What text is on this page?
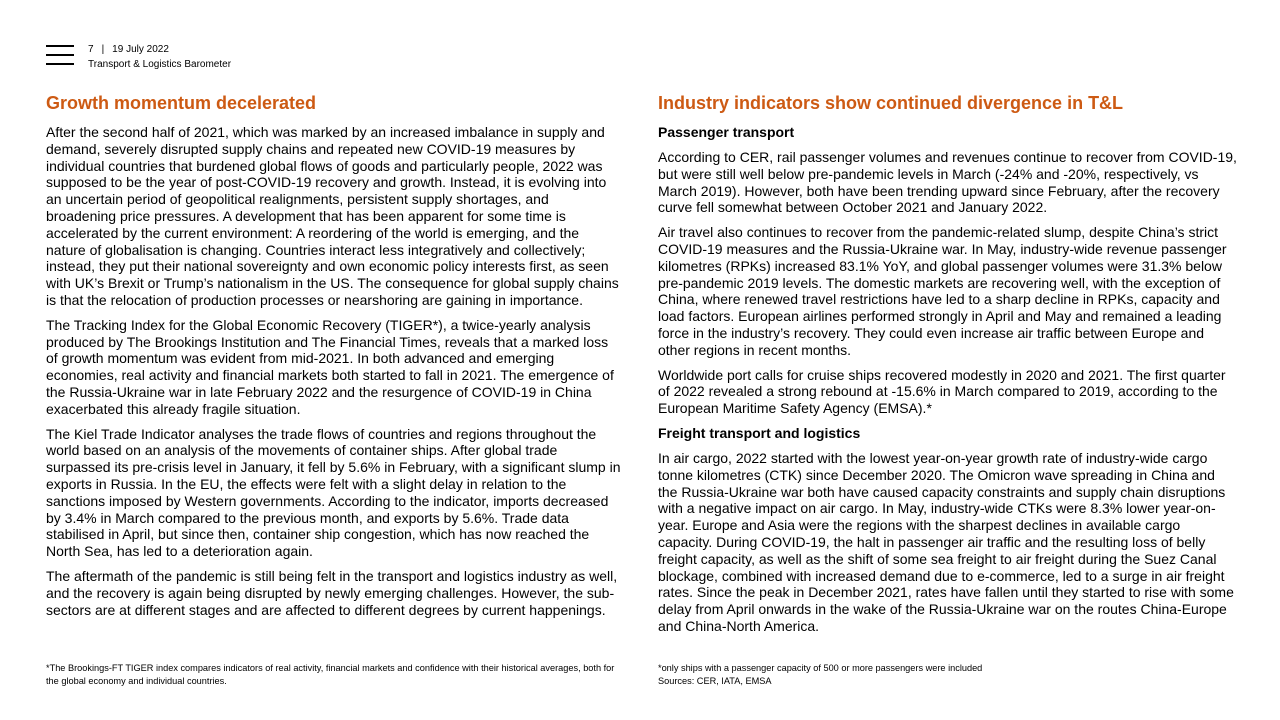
7 | 19 July 2022
Transport & Logistics Barometer
Growth momentum decelerated

After the second half of 2021, which was marked by an increased imbalance in supply and demand, severely disrupted supply chains and repeated new COVID-19 measures by individual countries that burdened global flows of goods and particularly people, 2022 was supposed to be the year of post-COVID-19 recovery and growth. Instead, it is evolving into an uncertain period of geopolitical realignments, persistent supply shortages, and broadening price pressures. A development that has been apparent for some time is accelerated by the current environment: A reordering of the world is emerging, and the nature of globalisation is changing. Countries interact less integratively and collectively; instead, they put their national sovereignty and own economic policy interests first, as seen with UK’s Brexit or Trump’s nationalism in the US. The consequence for global supply chains is that the relocation of production processes or nearshoring are gaining in importance.

The Tracking Index for the Global Economic Recovery (TIGER*), a twice-yearly analysis produced by The Brookings Institution and The Financial Times, reveals that a marked loss of growth momentum was evident from mid-2021. In both advanced and emerging economies, real activity and financial markets both started to fall in 2021. The emergence of the Russia-Ukraine war in late February 2022 and the resurgence of COVID-19 in China exacerbated this already fragile situation.

The Kiel Trade Indicator analyses the trade flows of countries and regions throughout the world based on an analysis of the movements of container ships. After global trade surpassed its pre-crisis level in January, it fell by 5.6% in February, with a significant slump in exports in Russia. In the EU, the effects were felt with a slight delay in relation to the sanctions imposed by Western governments. According to the indicator, imports decreased by 3.4% in March compared to the previous month, and exports by 5.6%. Trade data stabilised in April, but since then, container ship congestion, which has now reached the North Sea, has led to a deterioration again.

The aftermath of the pandemic is still being felt in the transport and logistics industry as well, and the recovery is again being disrupted by newly emerging challenges. However, the sub-sectors are at different stages and are affected to different degrees by current happenings.

Industry indicators show continued divergence in T&L
Passenger transport

According to CER, rail passenger volumes and revenues continue to recover from COVID-19, but were still well below pre-pandemic levels in March (-24% and -20%, respectively, vs March 2019). However, both have been trending upward since February, after the recovery curve fell somewhat between October 2021 and January 2022.

Air travel also continues to recover from the pandemic-related slump, despite China’s strict COVID-19 measures and the Russia-Ukraine war. In May, industry-wide revenue passenger kilometres (RPKs) increased 83.1% YoY, and global passenger volumes were 31.3% below pre-pandemic 2019 levels. The domestic markets are recovering well, with the exception of China, where renewed travel restrictions have led to a sharp decline in RPKs, capacity and load factors. European airlines performed strongly in April and May and remained a leading force in the industry’s recovery. They could even increase air traffic between Europe and other regions in recent months.

Worldwide port calls for cruise ships recovered modestly in 2020 and 2021. The first quarter of 2022 revealed a strong rebound at -15.6% in March compared to 2019, according to the European Maritime Safety Agency (EMSA).*

Freight transport and logistics

In air cargo, 2022 started with the lowest year-on-year growth rate of industry-wide cargo tonne kilometres (CTK) since December 2020. The Omicron wave spreading in China and the Russia-Ukraine war both have caused capacity constraints and supply chain disruptions with a negative impact on air cargo. In May, industry-wide CTKs were 8.3% lower year-on-year. Europe and Asia were the regions with the sharpest declines in available cargo capacity. During COVID-19, the halt in passenger air traffic and the resulting loss of belly freight capacity, as well as the shift of some sea freight to air freight during the Suez Canal blockage, combined with increased demand due to e-commerce, led to a surge in air freight rates. Since the peak in December 2021, rates have fallen until they started to rise with some delay from April onwards in the wake of the Russia-Ukraine war on the routes China-Europe and China-North America.

*The Brookings-FT TIGER index compares indicators of real activity, financial markets and confidence with their historical averages, both for the global economy and individual countries.
*only ships with a passenger capacity of 500 or more passengers were included
Sources: CER, IATA, EMSA
